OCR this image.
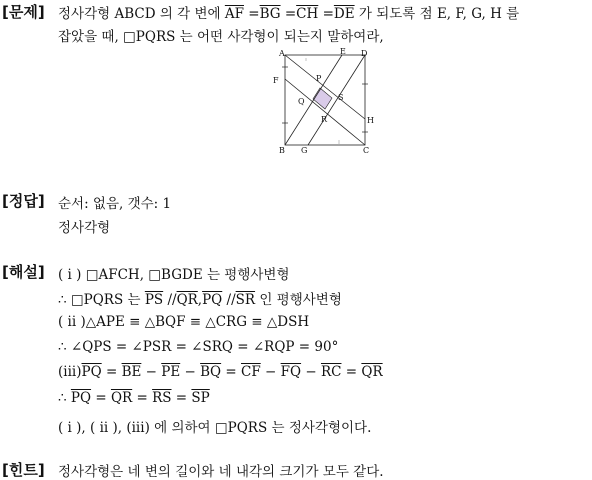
[문제] 정사각형 ABCD 의 각 변에 $\overline{AF} =\overline{BG} =\overline{CH} =\overline{DE}$ 가 되도록 점 E, F, G, H 를
잡았을 때, □PQRS 는 어떤 사각형이 되는지 말하여라,
A	E D
F	P
Q	S
R	H
B G	C
[정답] 순서: 없음, 갯수: 1
정사각형
[해설] ( i ) □AFCH, □BGDE 는 평행사변형
∴ □PQRS 는 $\overline{PS}$ $//\overline{QR},\overline{PQ}$ $//\overline{SR}$ 인 평행사변형
( ii )△APE ≡ △BQF ≡ △CRG ≡ △DSH
∴ ∠QPS = ∠PSR = ∠SRQ = ∠RQP = 90°
$(iii)\overline{PQ} = \overline{BE} - \overline{PE} - \overline{BQ} = \overline{CF} - \overline{FQ} - \overline{RC} = \overline{QR}$
∴ $\overline{PQ} = \overline{QR} = \overline{RS} = \overline{SP}$
( i ), ( ii ), (iii) 에 의하여 □PQRS 는 정사각형이다.
[힌트] 정사각형은 네 변의 길이와 네 내각의 크기가 모두 같다.
